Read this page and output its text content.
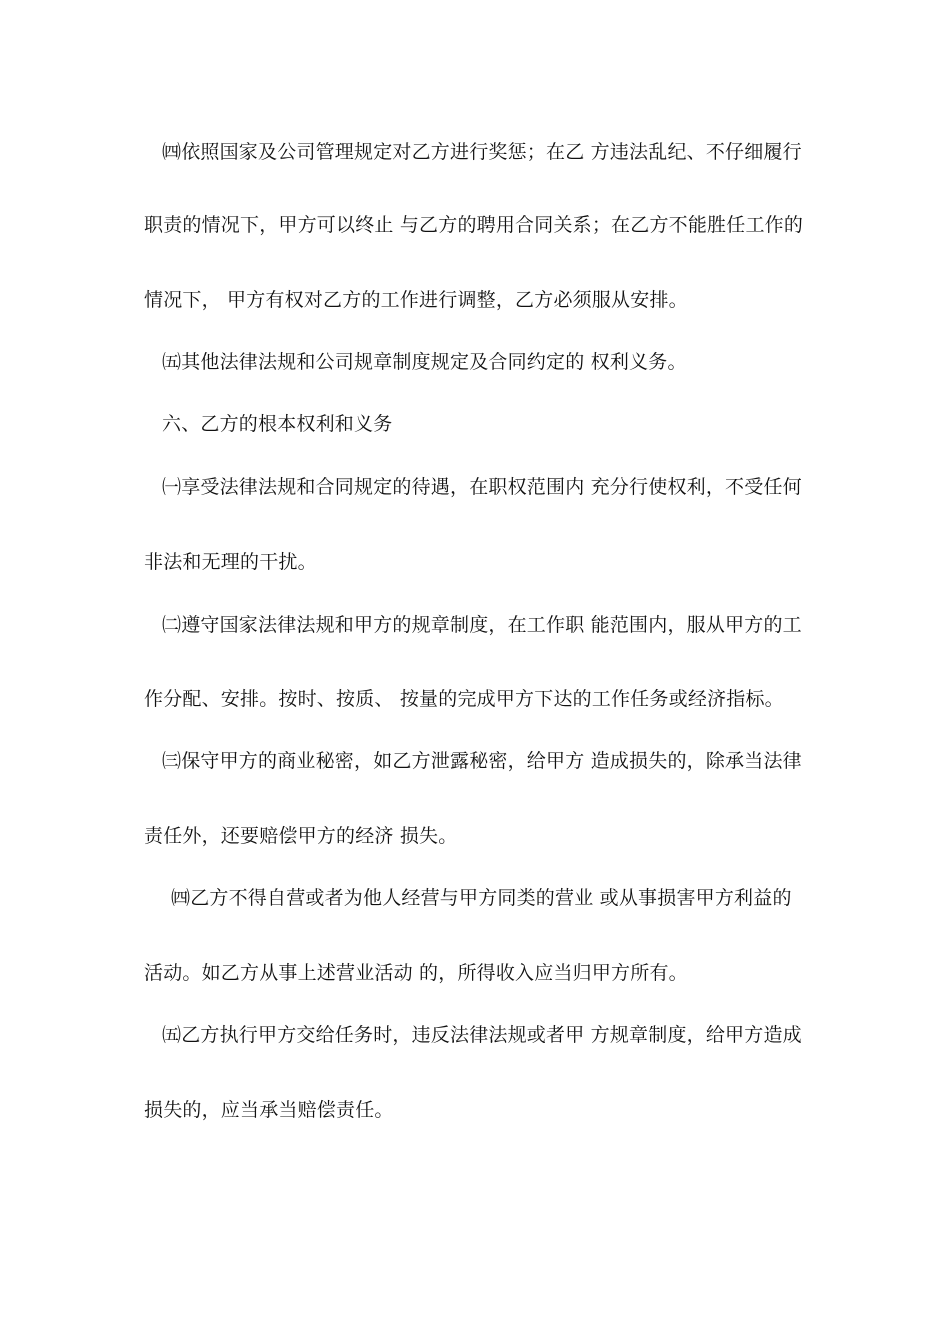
㈣依照国家及公司管理规定对乙方进行奖惩；在乙 方违法乱纪、不仔细履行
职责的情况下，甲方可以终止 与乙方的聘用合同关系；在乙方不能胜任工作的
情况下， 甲方有权对乙方的工作进行调整，乙方必须服从安排。
㈤其他法律法规和公司规章制度规定及合同约定的 权利义务。
六、乙方的根本权利和义务
㈠享受法律法规和合同规定的待遇，在职权范围内 充分行使权利，不受任何
非法和无理的干扰。
㈡遵守国家法律法规和甲方的规章制度，在工作职 能范围内，服从甲方的工
作分配、安排。按时、按质、 按量的完成甲方下达的工作任务或经济指标。
㈢保守甲方的商业秘密，如乙方泄露秘密，给甲方 造成损失的，除承当法律
责任外，还要赔偿甲方的经济 损失。
㈣乙方不得自营或者为他人经营与甲方同类的营业 或从事损害甲方利益的
活动。如乙方从事上述营业活动 的，所得收入应当归甲方所有。
㈤乙方执行甲方交给任务时，违反法律法规或者甲 方规章制度，给甲方造成
损失的，应当承当赔偿责任。
